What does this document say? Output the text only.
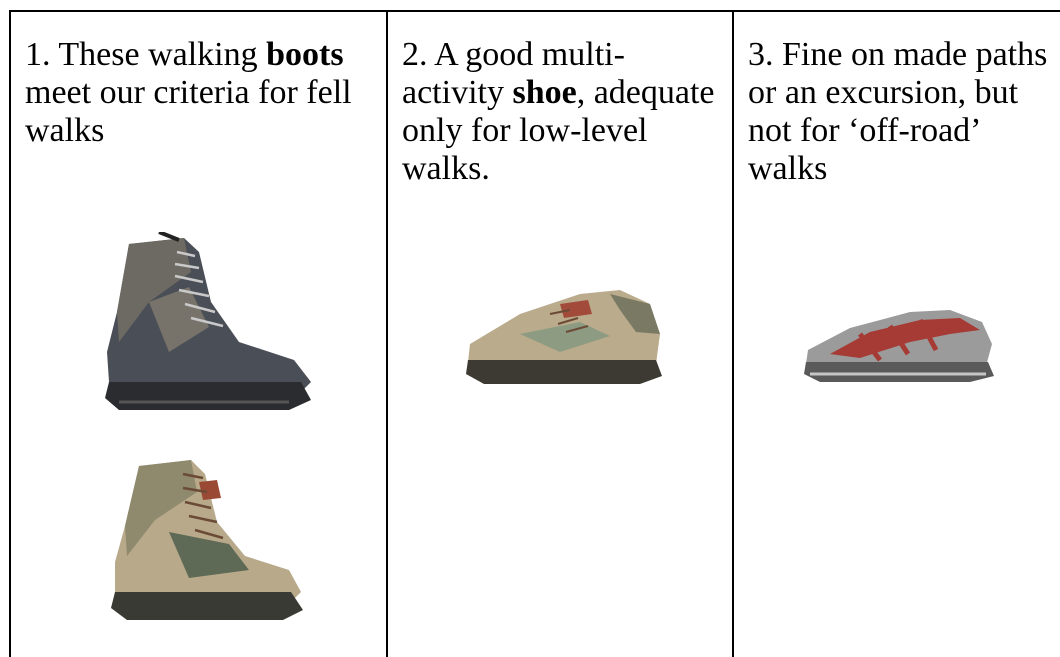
1. These walking boots meet our criteria for fell walks
2. A good multi-activity shoe, adequate only for low-level walks.
3. Fine on made paths or an excursion, but not for ‘off-road’ walks
